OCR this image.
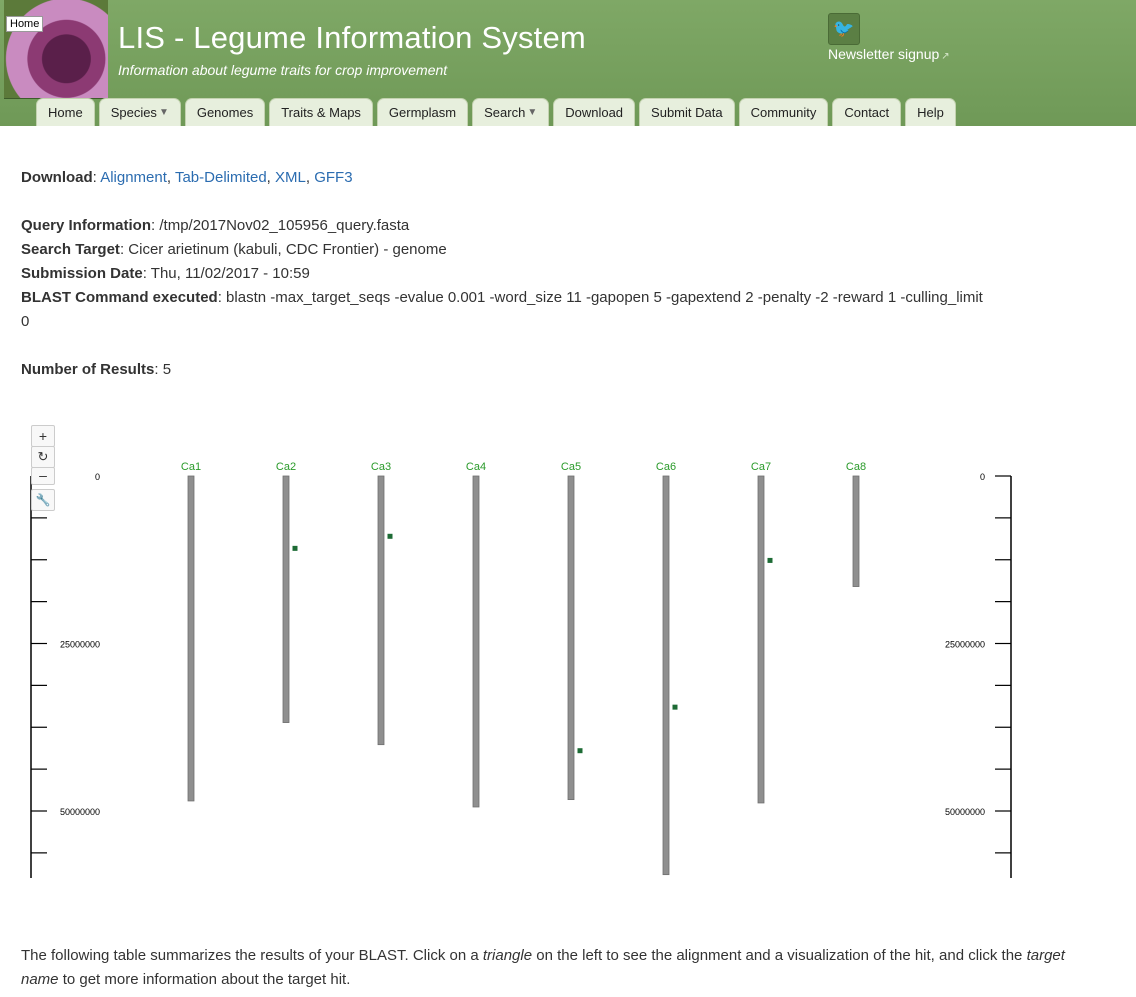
Home	LIS - Legume Information System
Information about legume traits for crop improvement
🐦
Newsletter signup ↗
Home Species ▼ Genomes Traits & Maps Germplasm Search ▼ Download Submit Data Community Contact Help
Download: Alignment, Tab-Delimited, XML, GFF3
Query Information: /tmp/2017Nov02_105956_query.fasta
Search Target: Cicer arietinum (kabuli, CDC Frontier) - genome
Submission Date: Thu, 11/02/2017 - 10:59
BLAST Command executed: blastn -max_target_seqs -evalue 0.001 -word_size 11 -gapopen 5 -gapextend 2 -penalty -2 -reward 1 -culling_limit
0
Number of Results: 5
0
25000000
50000000
0
25000000
50000000
Ca1	Ca2	Ca3	Ca4	Ca5	Ca6	Ca7	Ca8
+
↻
–
🔧
The following table summarizes the results of your BLAST. Click on a triangle on the left to see the alignment and a visualization of the hit, and click the target name to get more information about the target hit.
